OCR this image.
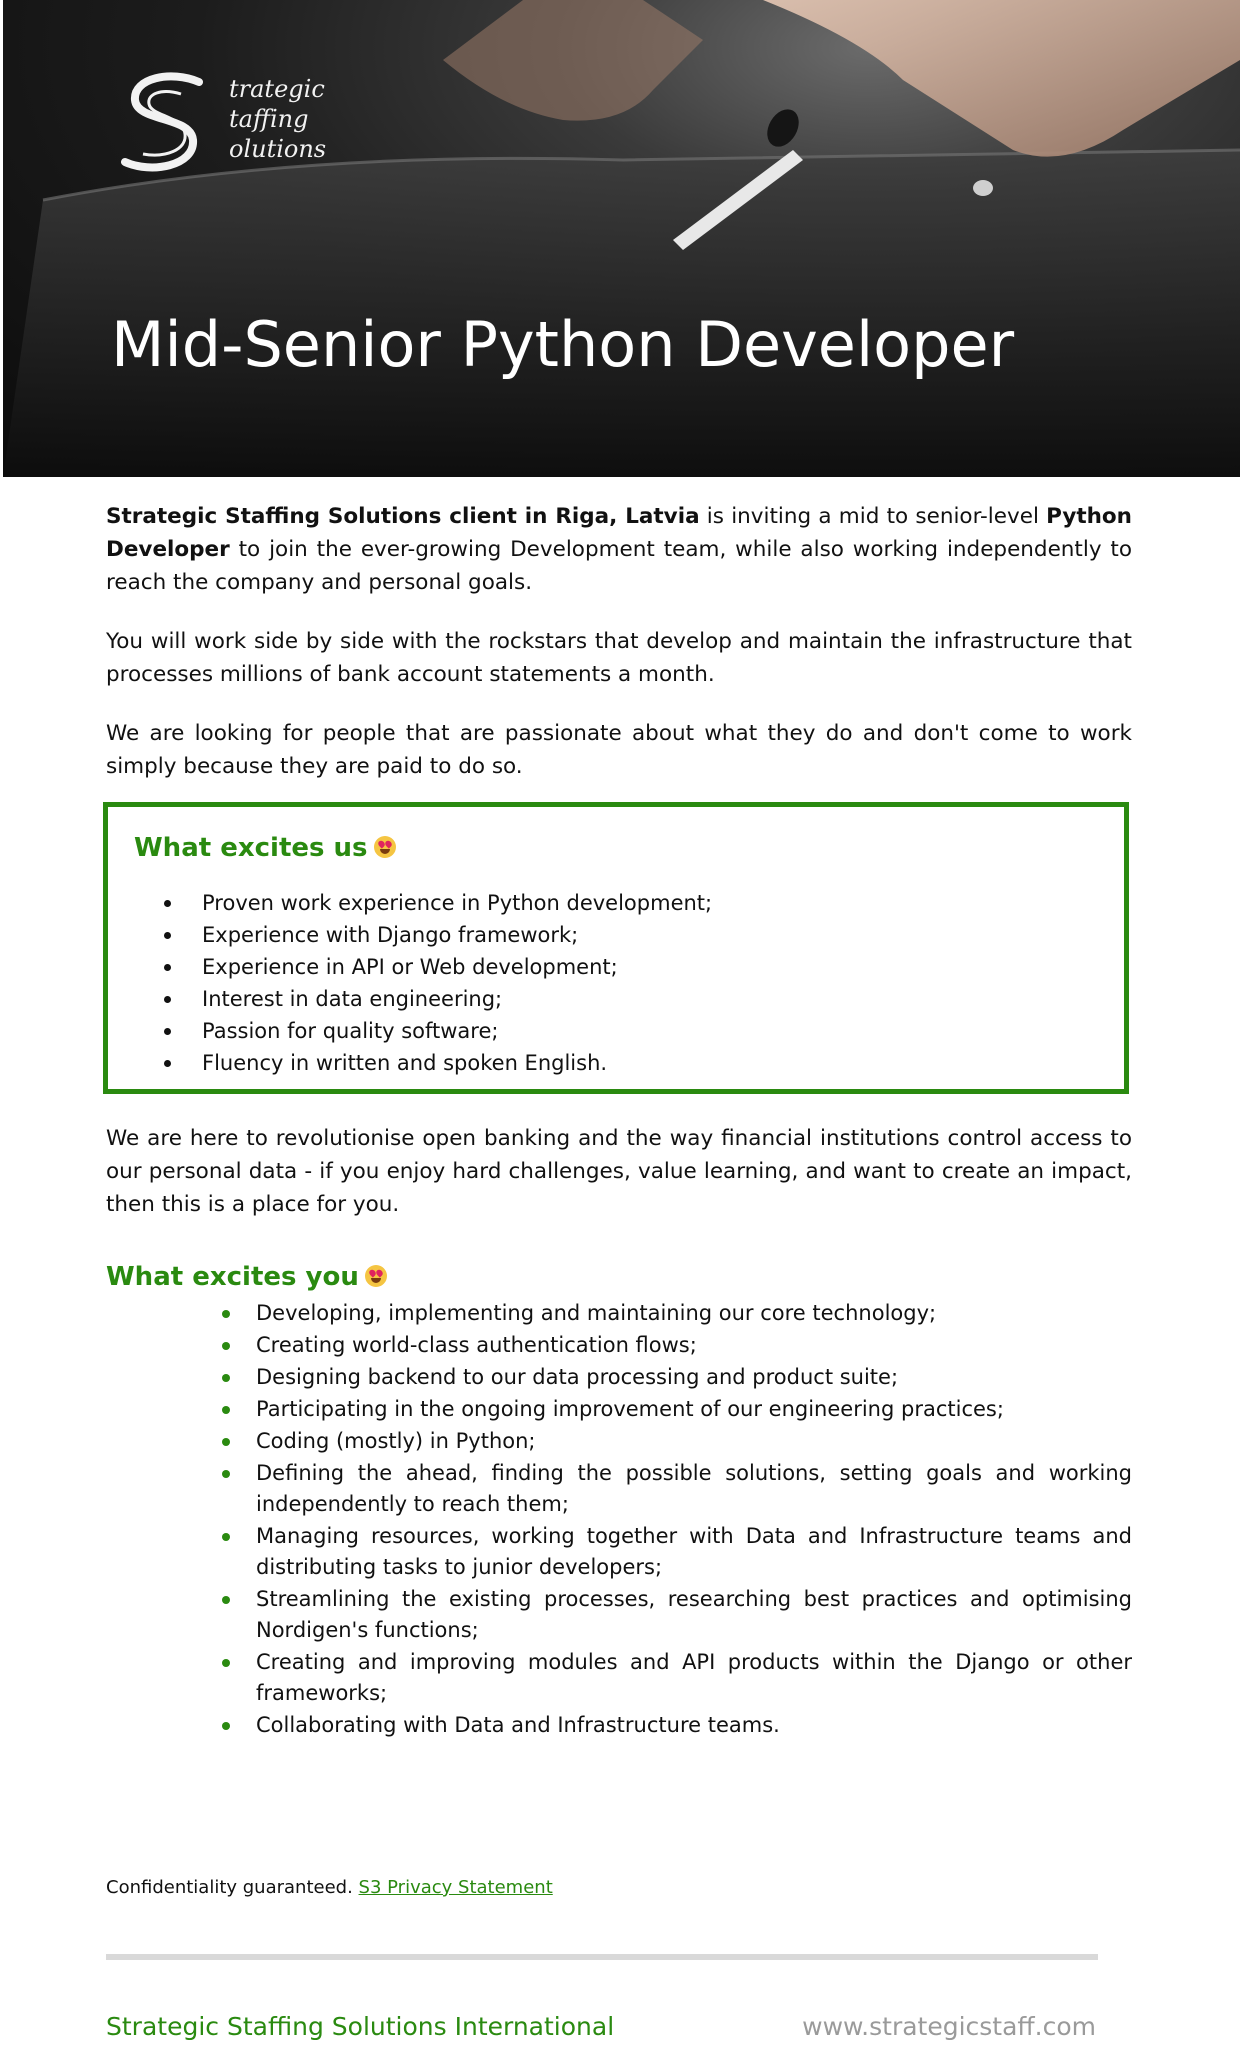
trategic
taffing
olutions
Mid-Senior Python Developer

Strategic Staffing Solutions client in Riga, Latvia is inviting a mid to senior-level Python Developer to join the ever-growing Development team, while also working independently to reach the company and personal goals.

You will work side by side with the rockstars that develop and maintain the infrastructure that processes millions of bank account statements a month.

We are looking for people that are passionate about what they do and don't come to work simply because they are paid to do so.

What excites us
Proven work experience in Python development;
Experience with Django framework;
Experience in API or Web development;
Interest in data engineering;
Passion for quality software;
Fluency in written and spoken English.

We are here to revolutionise open banking and the way financial institutions control access to our personal data - if you enjoy hard challenges, value learning, and want to create an impact, then this is a place for you.

What excites you
Developing, implementing and maintaining our core technology;
Creating world-class authentication flows;
Designing backend to our data processing and product suite;
Participating in the ongoing improvement of our engineering practices;
Coding (mostly) in Python;
Defining the ahead, finding the possible solutions, setting goals and working independently to reach them;
Managing resources, working together with Data and Infrastructure teams and distributing tasks to junior developers;
Streamlining the existing processes, researching best practices and optimising Nordigen's functions;
Creating and improving modules and API products within the Django or other frameworks;
Collaborating with Data and Infrastructure teams.
Confidentiality guaranteed. S3 Privacy Statement
Strategic Staffing Solutions International	www.strategicstaff.com
